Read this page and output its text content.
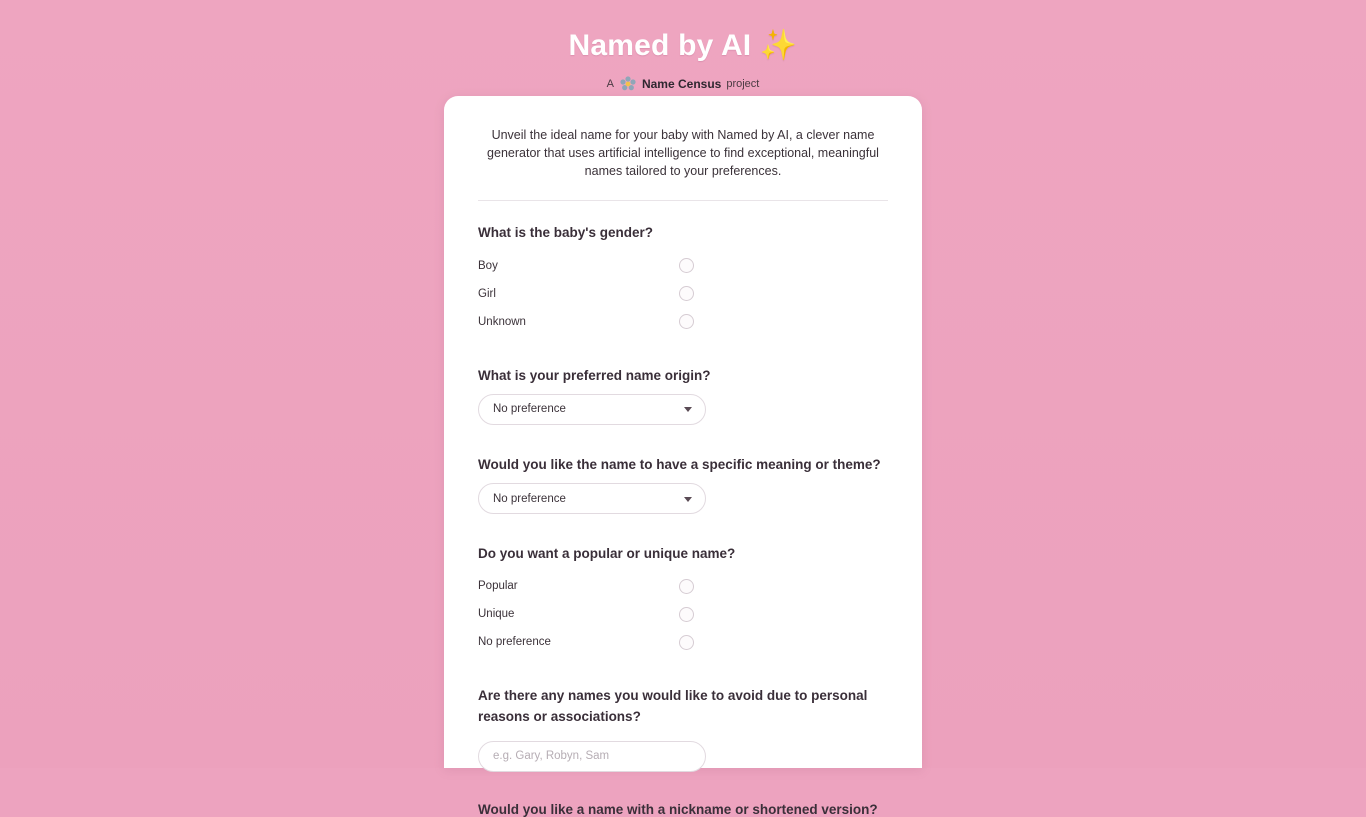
Named by AI ✨
A Name Census project

Unveil the ideal name for your baby with Named by AI, a clever name generator that uses artificial intelligence to find exceptional, meaningful names tailored to your preferences.

What is the baby's gender?

Boy
Girl
Unknown

What is your preferred name origin?

No preference

Would you like the name to have a specific meaning or theme?

No preference

Do you want a popular or unique name?

Popular
Unique
No preference

Are there any names you would like to avoid due to personal reasons or associations?

e.g. Gary, Robyn, Sam

Would you like a name with a nickname or shortened version?
